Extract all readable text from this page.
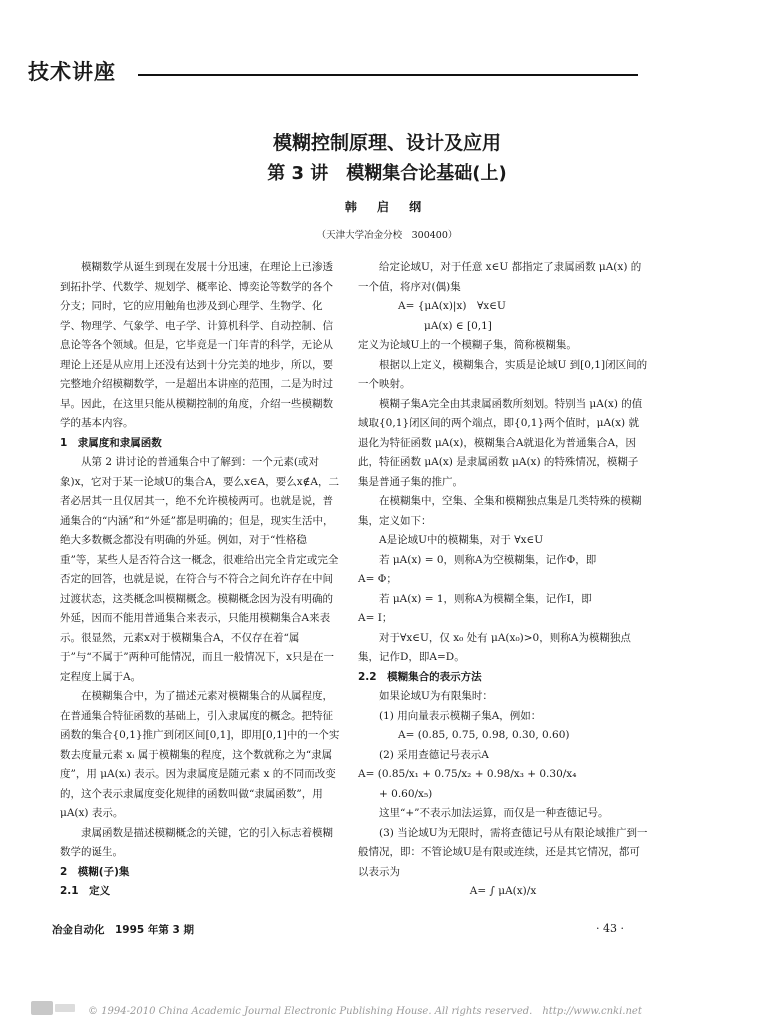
技术讲座
模糊控制原理、设计及应用
第 3 讲　模糊集合论基础(上)
韩 启 纲
（天津大学冶金分校　300400）

模糊数学从诞生到现在发展十分迅速，在理论上已渗透到拓扑学、代数学、规划学、概率论、博奕论等数学的各个分支；同时，它的应用触角也涉及到心理学、生物学、化学、物理学、气象学、电子学、计算机科学、自动控制、信息论等各个领域。但是，它毕竟是一门年青的科学，无论从理论上还是从应用上还没有达到十分完美的地步，所以，要完整地介绍模糊数学，一是超出本讲座的范围，二是为时过早。因此，在这里只能从模糊控制的角度，介绍一些模糊数学的基本内容。

1　隶属度和隶属函数

从第 2 讲讨论的普通集合中了解到：一个元素(或对象)x，它对于某一论域U的集合A，要么x∈A，要么x∉A，二者必居其一且仅居其一，绝不允许模棱两可。也就是说，普通集合的“内涵”和“外延”都是明确的；但是，现实生活中，绝大多数概念都没有明确的外延。例如，对于“性格稳重”等，某些人是否符合这一概念，很难给出完全肯定或完全否定的回答，也就是说，在符合与不符合之间允许存在中间过渡状态，这类概念叫模糊概念。模糊概念因为没有明确的外延，因而不能用普通集合来表示，只能用模糊集合A来表示。很显然，元素x对于模糊集合A，不仅存在着“属于”与“不属于”两种可能情况，而且一般情况下，x只是在一定程度上属于A。

在模糊集合中，为了描述元素对模糊集合的从属程度，在普通集合特征函数的基础上，引入隶属度的概念。把特征函数的集合{0,1}推广到闭区间[0,1]，即用[0,1]中的一个实数去度量元素 xᵢ 属于模糊集的程度，这个数就称之为“隶属度”，用 μA(xᵢ) 表示。因为隶属度是随元素 x 的不同而改变的，这个表示隶属度变化规律的函数叫做“隶属函数”，用 μA(x) 表示。

隶属函数是描述模糊概念的关键，它的引入标志着模糊数学的诞生。

2　模糊(子)集

2.1　定义

给定论域U，对于任意 x∈U 都指定了隶属函数 μA(x) 的一个值，将序对(偶)集

A= {μA(x)|x)　∀x∈U

μA(x) ∈ [0,1]

定义为论域U上的一个模糊子集，简称模糊集。

根据以上定义，模糊集合，实质是论域U 到[0,1]闭区间的一个映射。

模糊子集A完全由其隶属函数所刻划。特别当 μA(x) 的值域取{0,1}闭区间的两个端点，即{0,1}两个值时，μA(x) 就退化为特征函数 μA(x)，模糊集合A就退化为普通集合A，因此，特征函数 μA(x) 是隶属函数 μA(x) 的特殊情况，模糊子集是普通子集的推广。

在模糊集中，空集、全集和模糊独点集是几类特殊的模糊集，定义如下：

A是论域U中的模糊集，对于 ∀x∈U

若 μA(x) = 0，则称A为空模糊集，记作Φ，即

A= Φ；

若 μA(x) = 1，则称A为模糊全集，记作I，即

A= I；

对于∀x∈U，仅 x₀ 处有 μA(x₀)>0，则称A为模糊独点集，记作D，即A=D。

2.2　模糊集合的表示方法

如果论域U为有限集时：

(1) 用向量表示模糊子集A，例如：

A= (0.85, 0.75, 0.98, 0.30, 0.60)

(2) 采用查德记号表示A

A= (0.85/x₁ + 0.75/x₂ + 0.98/x₃ + 0.30/x₄

+ 0.60/x₅)

这里“+”不表示加法运算，而仅是一种查德记号。

(3) 当论域U为无限时，需将查德记号从有限论域推广到一般情况，即：不管论域U是有限或连续，还是其它情况，都可以表示为

A= ∫ μA(x)/x

冶金自动化　1995 年第 3 期	· 43 ·
© 1994-2010 China Academic Journal Electronic Publishing House. All rights reserved.　http://www.cnki.net
